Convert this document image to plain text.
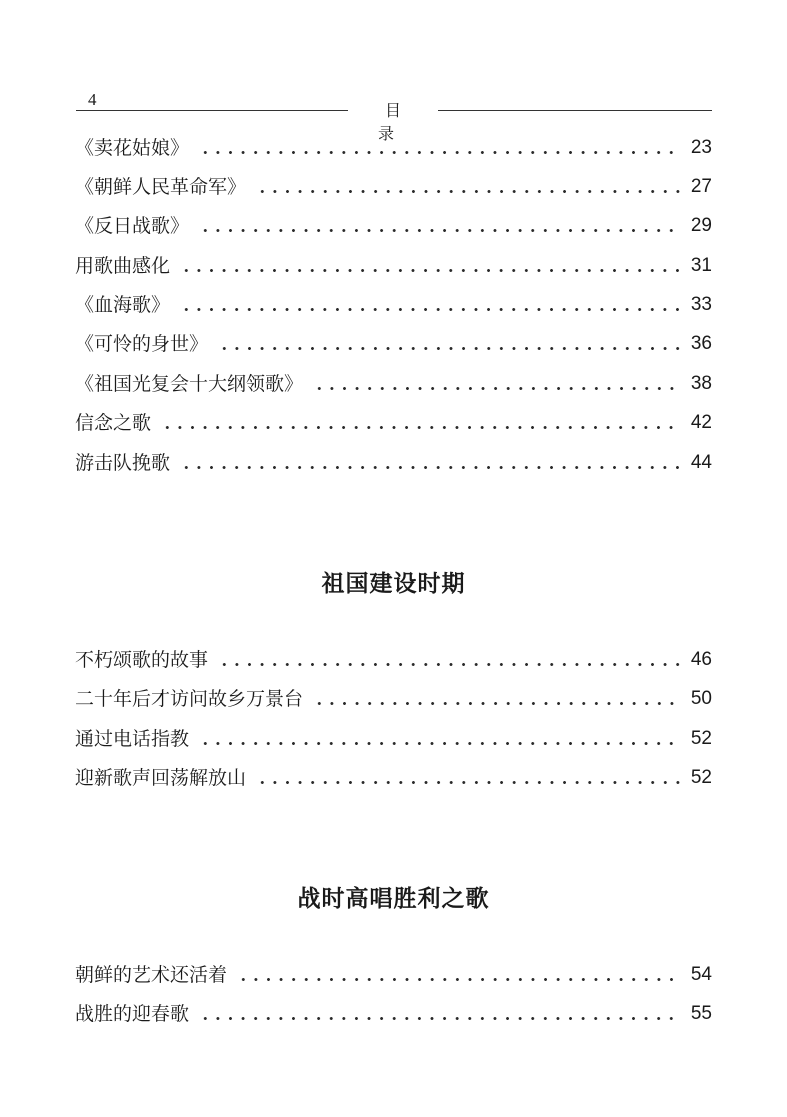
4
目 录
《卖花姑娘》	23
《朝鲜人民革命军》	27
《反日战歌》	29
用歌曲感化	31
《血海歌》	33
《可怜的身世》	36
《祖国光复会十大纲领歌》	38
信念之歌	42
游击队挽歌	44
祖国建设时期
不朽颂歌的故事	46
二十年后才访问故乡万景台	50
通过电话指教	52
迎新歌声回荡解放山	52
战时高唱胜利之歌
朝鲜的艺术还活着	54
战胜的迎春歌	55
